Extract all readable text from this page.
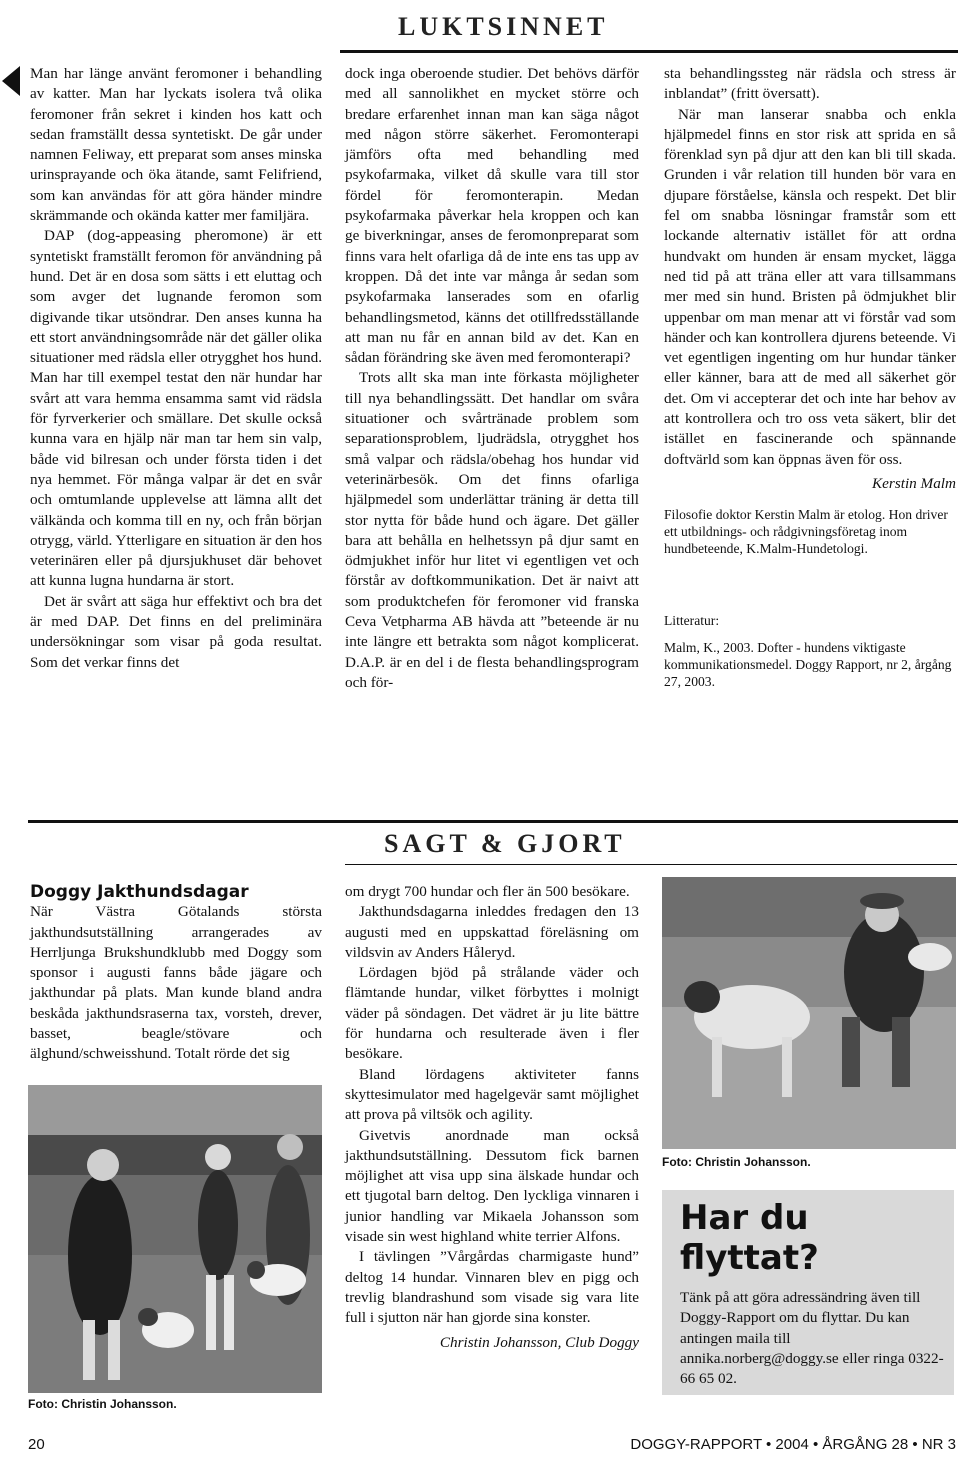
LUKTSINNET

Man har länge använt feromoner i behandling av katter. Man har lyckats isolera två olika feromoner från sekret i kinden hos katt och sedan framställt dessa syntetiskt. De går under namnen Feliway, ett preparat som anses minska urinsprayande och öka ätande, samt Felifriend, som kan användas för att göra händer mindre skrämmande och okända katter mer familjära.

DAP (dog-appeasing pheromone) är ett syntetiskt framställt feromon för användning på hund. Det är en dosa som sätts i ett eluttag och som avger det lugnande feromon som digivande tikar utsöndrar. Den anses kunna ha ett stort användningsområde när det gäller olika situationer med rädsla eller otrygghet hos hund. Man har till exempel testat den när hundar har svårt att vara hemma ensamma samt vid rädsla för fyrverkerier och smällare. Det skulle också kunna vara en hjälp när man tar hem sin valp, både vid bilresan och under första tiden i det nya hemmet. För många valpar är det en svår och omtumlande upplevelse att lämna allt det välkända och komma till en ny, och från början otrygg, värld. Ytterligare en situation är den hos veterinären eller på djursjukhuset där behovet att kunna lugna hundarna är stort.

Det är svårt att säga hur effektivt och bra det är med DAP. Det finns en del preliminära undersökningar som visar på goda resultat. Som det verkar finns det

dock inga oberoende studier. Det behövs därför med all sannolikhet en mycket större och bredare erfarenhet innan man kan säga något med någon större säkerhet. Feromonterapi jämförs ofta med behandling med psykofarmaka, vilket då skulle vara till stor fördel för feromonterapin. Medan psykofarmaka påverkar hela kroppen och kan ge biverkningar, anses de feromonpreparat som finns vara helt ofarliga då de inte ens tas upp av kroppen. Då det inte var många år sedan som psykofarmaka lanserades som en ofarlig behandlingsmetod, känns det otillfredsställande att man nu får en annan bild av det. Kan en sådan förändring ske även med feromonterapi?

Trots allt ska man inte förkasta möjligheter till nya behandlingssätt. Det handlar om svåra situationer och svårtränade problem som separationsproblem, ljudrädsla, otrygghet hos små valpar och rädsla/obehag hos hundar vid veterinärbesök. Om det finns ofarliga hjälpmedel som underlättar träning är detta till stor nytta för både hund och ägare. Det gäller bara att behålla en helhetssyn på djur samt en ödmjukhet inför hur litet vi egentligen vet och förstår av doftkommunikation. Det är naivt att som produktchefen för feromoner vid franska Ceva Vetpharma AB hävda att ”beteende är nu inte längre ett betrakta som något komplicerat. D.A.P. är en del i de flesta behandlingsprogram och för-

sta behandlingssteg när rädsla och stress är inblandat” (fritt översatt).

När man lanserar snabba och enkla hjälpmedel finns en stor risk att sprida en så förenklad syn på djur att den kan bli till skada. Grunden i vår relation till hunden bör vara en djupare förståelse, känsla och respekt. Det blir fel om snabba lösningar framstår som ett lockande alternativ istället för att ordna hundvakt om hunden är ensam mycket, lägga ned tid på att träna eller att vara tillsammans mer med sin hund. Bristen på ödmjukhet blir uppenbar om man menar att vi förstår vad som händer och kan kontrollera djurens beteende. Vi vet egentligen ingenting om hur hundar tänker eller känner, bara att de med all säkerhet gör det. Om vi accepterar det och inte har behov av att kontrollera och tro oss veta säkert, blir det istället en fascinerande och spännande doftvärld som kan öppnas även för oss.

Kerstin Malm

Filosofie doktor Kerstin Malm är etolog. Hon driver ett utbildnings- och rådgivningsföretag inom hundbeteende, K.Malm-Hundetologi.

Litteratur:

Malm, K., 2003. Dofter - hundens viktigaste kommunikationsmedel. Doggy Rapport, nr 2, årgång 27, 2003.

SAGT & GJORT

Doggy Jakthundsdagar

När Västra Götalands största jakthundsutställning arrangerades av Herrljunga Brukshundklubb med Doggy som sponsor i augusti fanns både jägare och jakthundar på plats. Man kunde bland andra beskåda jakthundsraserna tax, vorsteh, drever, basset, beagle/stövare och älghund/schweisshund. Totalt rörde det sig

Foto: Christin Johansson.

om drygt 700 hundar och fler än 500 besökare.

Jakthundsdagarna inleddes fredagen den 13 augusti med en uppskattad föreläsning om vildsvin av Anders Håleryd.

Lördagen bjöd på strålande väder och flämtande hundar, vilket förbyttes i molnigt väder på söndagen. Det vädret är ju lite bättre för hundarna och resulterade även i fler besökare.

Bland lördagens aktiviteter fanns skyttesimulator med hagelgevär samt möjlighet att prova på viltsök och agility.

Givetvis anordnade man också jakthundsutställning. Dessutom fick barnen möjlighet att visa upp sina älskade hundar och ett tjugotal barn deltog. Den lyckliga vinnaren i junior handling var Mikaela Johansson som visade sin west highland white terrier Alfons.

I tävlingen ”Vårgårdas charmigaste hund” deltog 14 hundar. Vinnaren blev en pigg och trevlig blandrashund som visade sig vara lite full i sjutton när han gjorde sina konster.

Christin Johansson, Club Doggy

Foto: Christin Johansson.
Har du flyttat?
Tänk på att göra adressändring även till Doggy-Rapport om du flyttar. Du kan antingen maila till annika.norberg@doggy.se eller ringa 0322-66 65 02.
20	DOGGY-RAPPORT • 2004 • ÅRGÅNG 28 • NR 3
